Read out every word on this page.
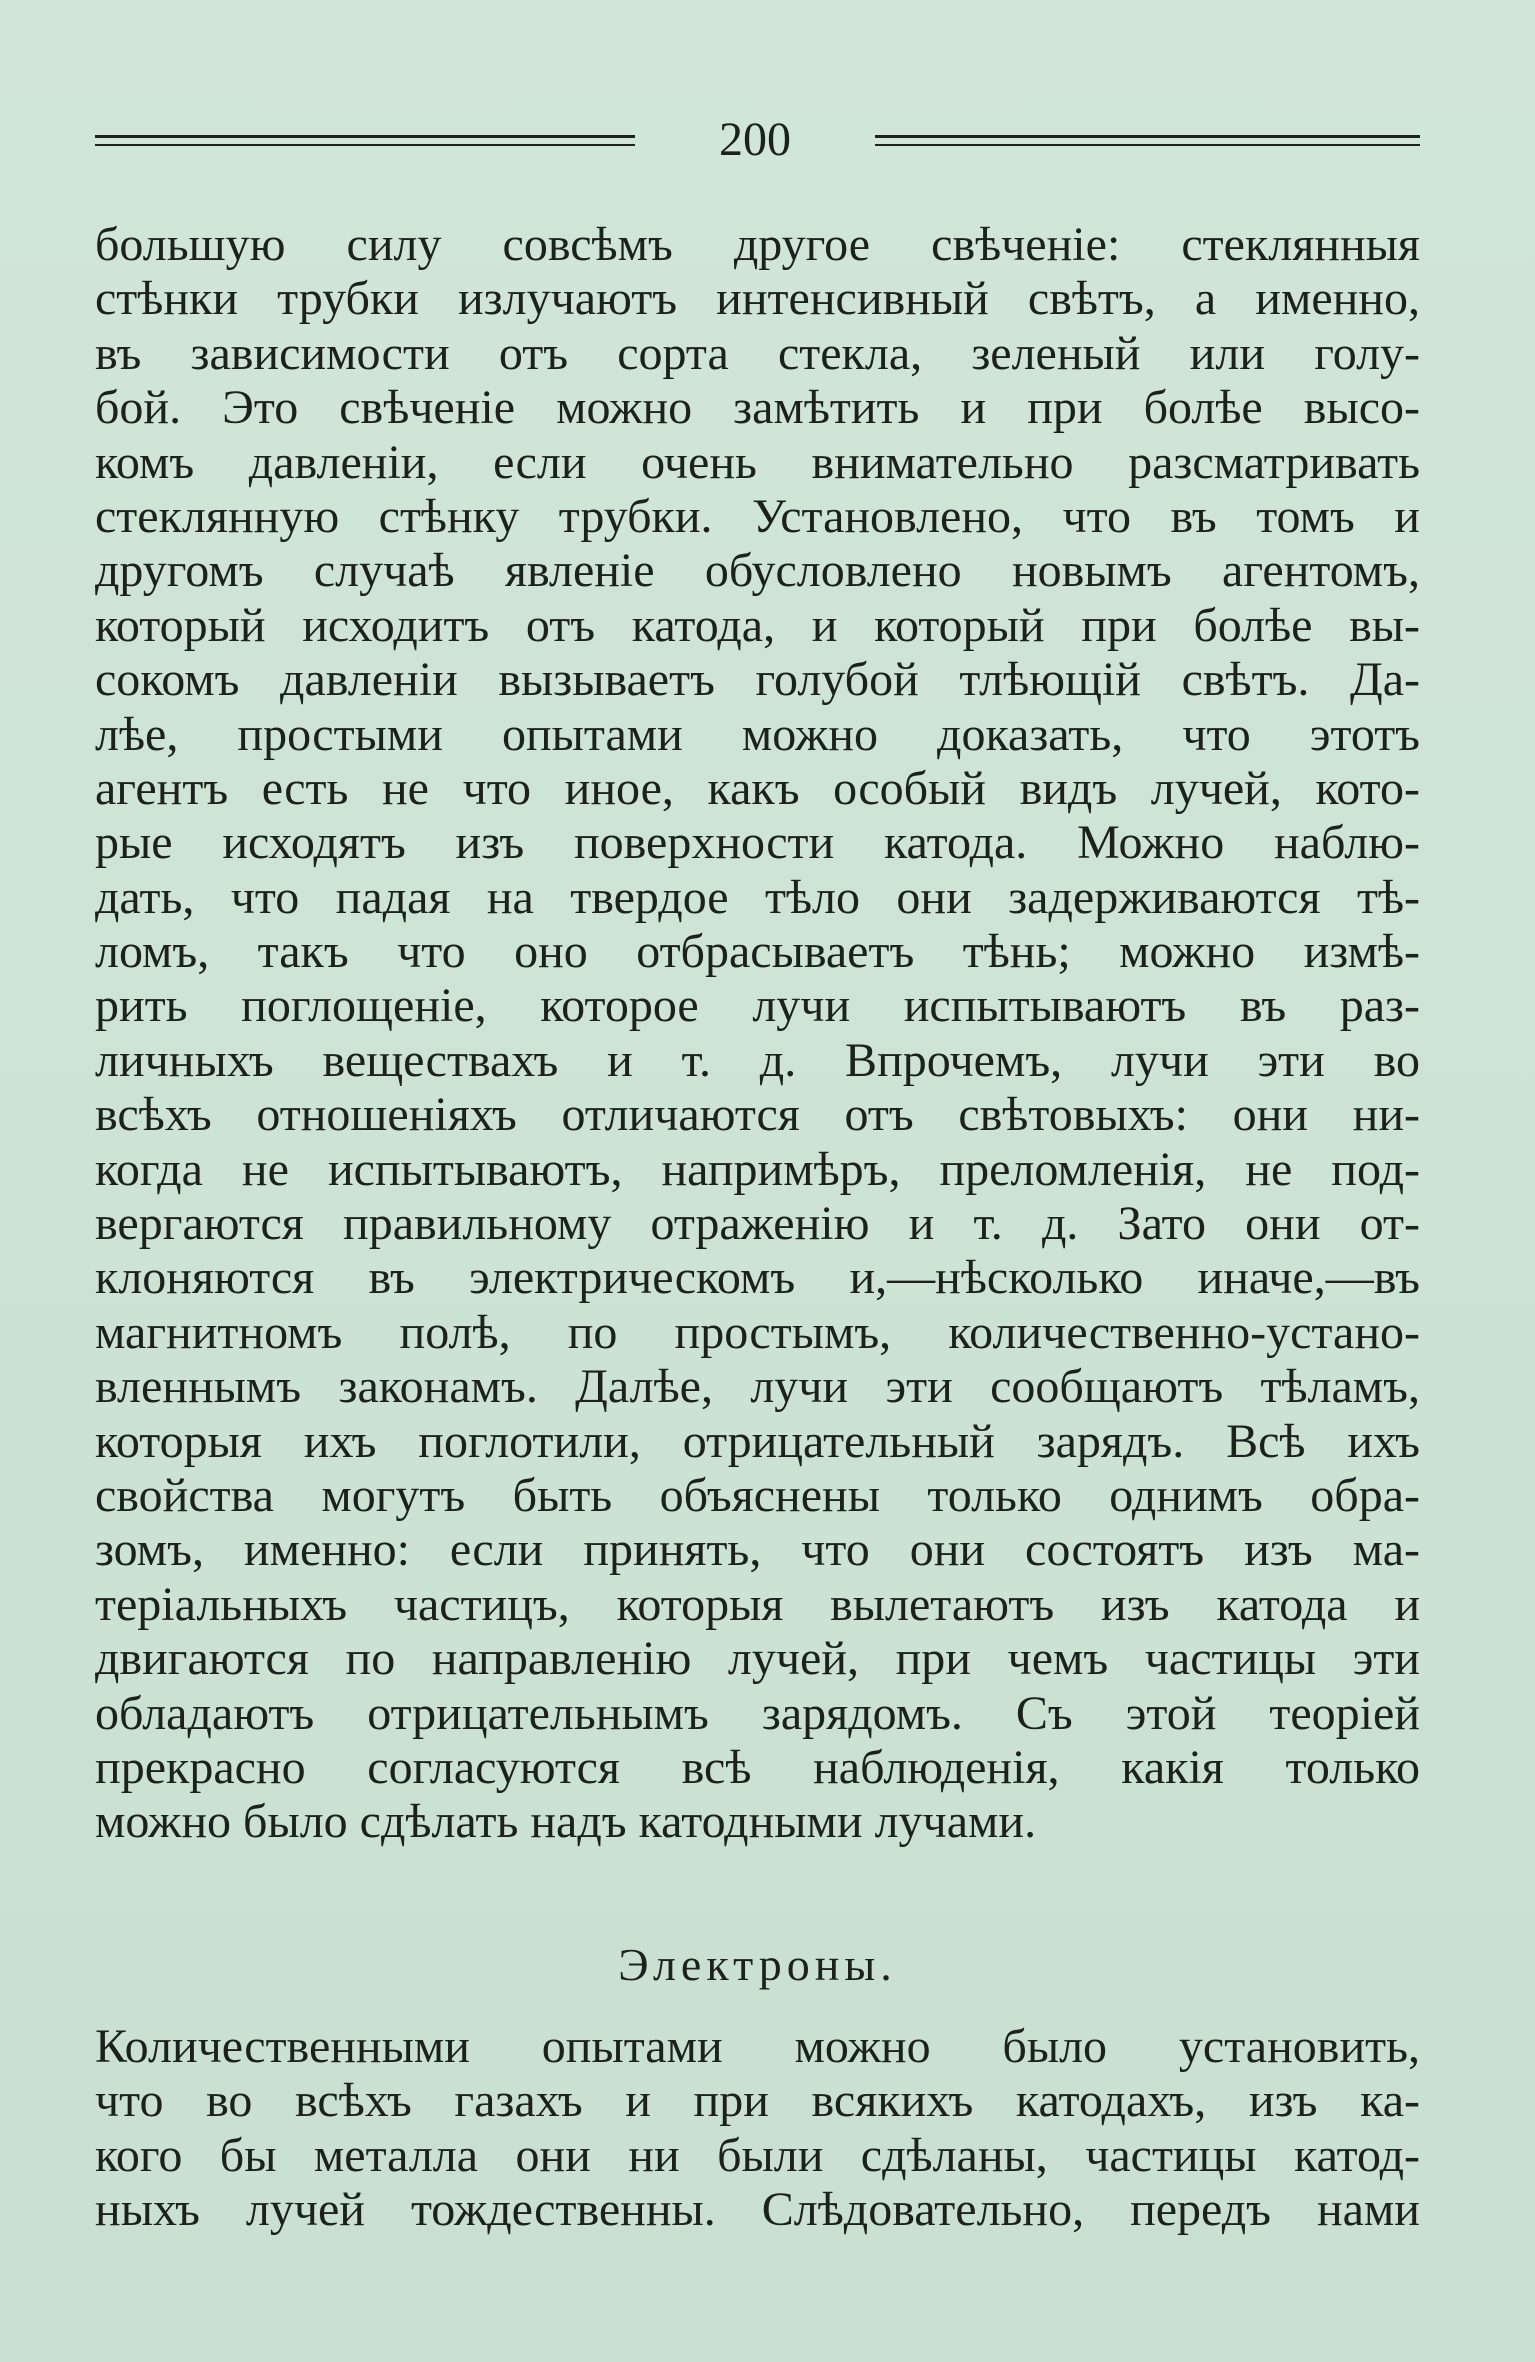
200
большую силу совсѣмъ другое свѣченіе: стеклянныя
стѣнки трубки излучаютъ интенсивный свѣтъ, а именно,
въ зависимости отъ сорта стекла, зеленый или голу-
бой. Это свѣченіе можно замѣтить и при болѣе высо-
комъ давленіи, если очень внимательно разсматривать
стеклянную стѣнку трубки. Установлено, что въ томъ и
другомъ случаѣ явленіе обусловлено новымъ агентомъ,
который исходитъ отъ катода, и который при болѣе вы-
сокомъ давленіи вызываетъ голубой тлѣющій свѣтъ. Да-
лѣе, простыми опытами можно доказать, что этотъ
агентъ есть не что иное, какъ особый видъ лучей, кото-
рые исходятъ изъ поверхности катода. Можно наблю-
дать, что падая на твердое тѣло они задерживаются тѣ-
ломъ, такъ что оно отбрасываетъ тѣнь; можно измѣ-
рить поглощеніе, которое лучи испытываютъ въ раз-
личныхъ веществахъ и т. д. Впрочемъ, лучи эти во
всѣхъ отношеніяхъ отличаются отъ свѣтовыхъ: они ни-
когда не испытываютъ, напримѣръ, преломленія, не под-
вергаются правильному отраженію и т. д. Зато они от-
клоняются въ электрическомъ и,—нѣсколько иначе,—въ
магнитномъ полѣ, по простымъ, количественно-устано-
вленнымъ законамъ. Далѣе, лучи эти сообщаютъ тѣламъ,
которыя ихъ поглотили, отрицательный зарядъ. Всѣ ихъ
свойства могутъ быть объяснены только однимъ обра-
зомъ, именно: если принять, что они состоятъ изъ ма-
теріальныхъ частицъ, которыя вылетаютъ изъ катода и
двигаются по направленію лучей, при чемъ частицы эти
обладаютъ отрицательнымъ зарядомъ. Съ этой теоріей
прекрасно согласуются всѣ наблюденія, какія только
можно было сдѣлать надъ катодными лучами.
Электроны.
Количественными опытами можно было установить,
что во всѣхъ газахъ и при всякихъ катодахъ, изъ ка-
кого бы металла они ни были сдѣланы, частицы катод-
ныхъ лучей тождественны. Слѣдовательно, передъ нами
